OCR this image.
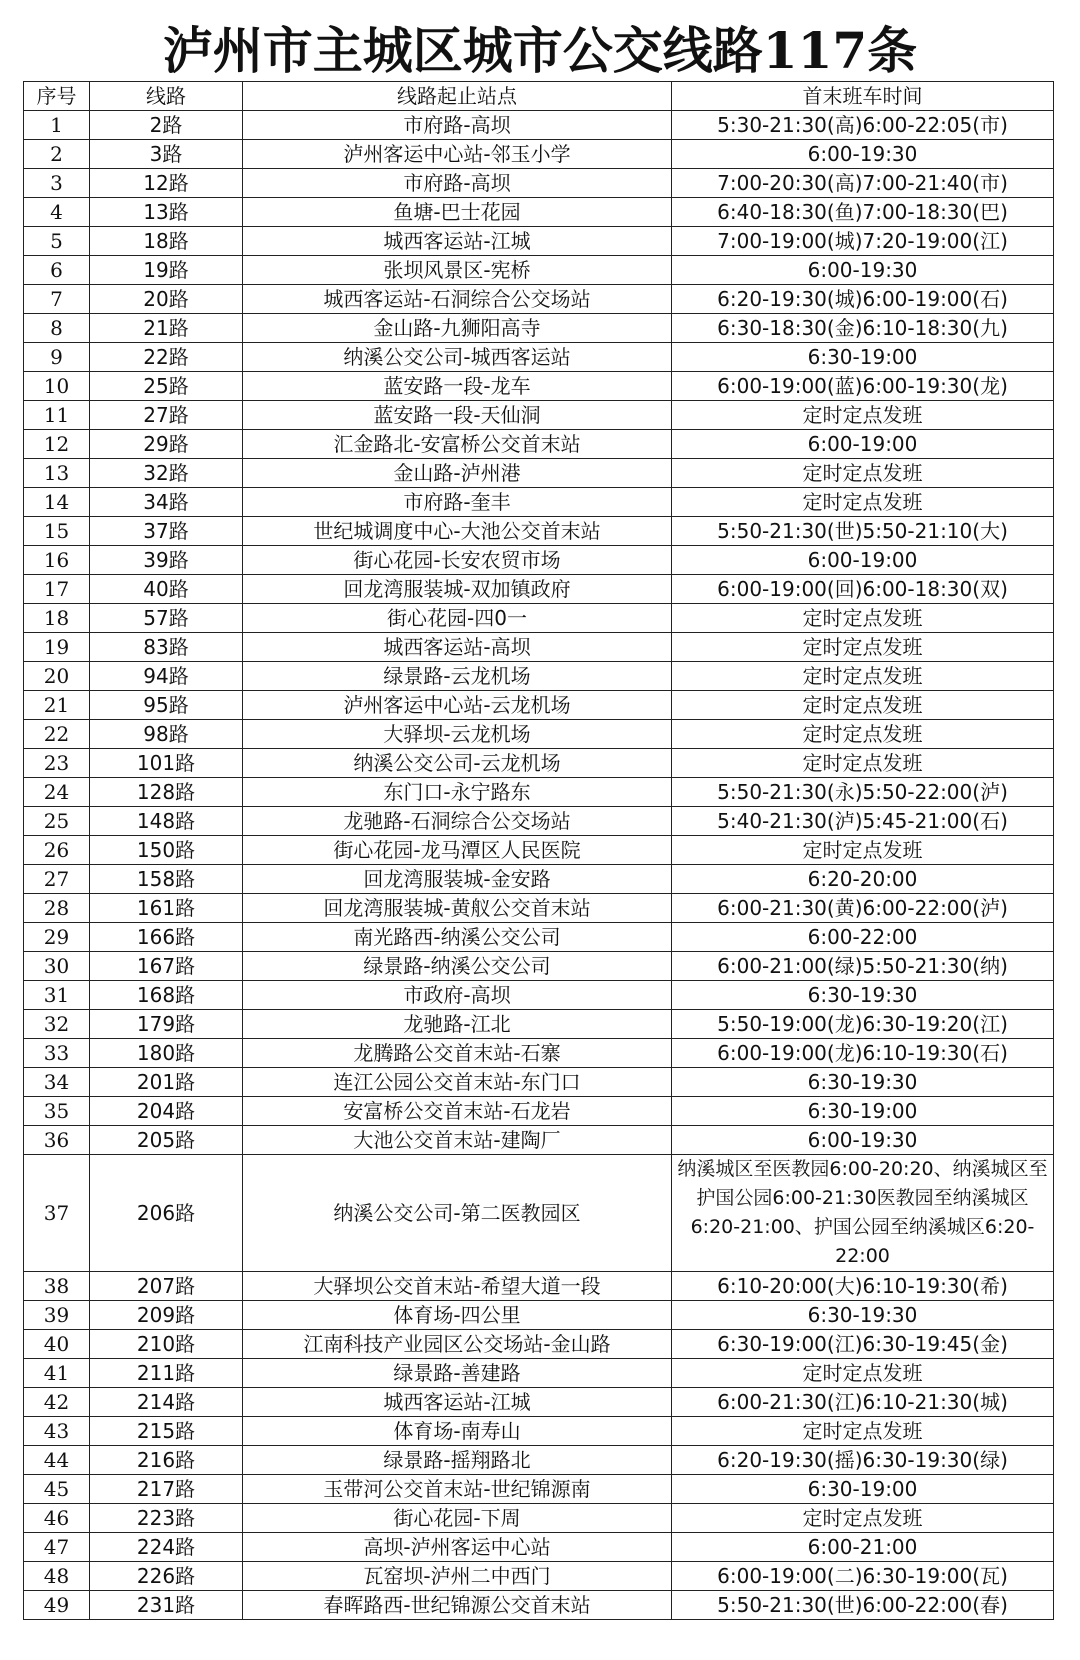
泸州市主城区城市公交线路117条
序号	线路	线路起止站点	首末班车时间
1	2路	市府路-高坝	5:30-21:30(高)6:00-22:05(市)
2	3路	泸州客运中心站-邻玉小学	6:00-19:30
3	12路	市府路-高坝	7:00-20:30(高)7:00-21:40(市)
4	13路	鱼塘-巴士花园	6:40-18:30(鱼)7:00-18:30(巴)
5	18路	城西客运站-江城	7:00-19:00(城)7:20-19:00(江)
6	19路	张坝风景区-宪桥	6:00-19:30
7	20路	城西客运站-石洞综合公交场站	6:20-19:30(城)6:00-19:00(石)
8	21路	金山路-九狮阳高寺	6:30-18:30(金)6:10-18:30(九)
9	22路	纳溪公交公司-城西客运站	6:30-19:00
10	25路	蓝安路一段-龙车	6:00-19:00(蓝)6:00-19:30(龙)
11	27路	蓝安路一段-天仙洞	定时定点发班
12	29路	汇金路北-安富桥公交首末站	6:00-19:00
13	32路	金山路-泸州港	定时定点发班
14	34路	市府路-奎丰	定时定点发班
15	37路	世纪城调度中心-大池公交首末站	5:50-21:30(世)5:50-21:10(大)
16	39路	街心花园-长安农贸市场	6:00-19:00
17	40路	回龙湾服装城-双加镇政府	6:00-19:00(回)6:00-18:30(双)
18	57路	街心花园-四0一	定时定点发班
19	83路	城西客运站-高坝	定时定点发班
20	94路	绿景路-云龙机场	定时定点发班
21	95路	泸州客运中心站-云龙机场	定时定点发班
22	98路	大驿坝-云龙机场	定时定点发班
23	101路	纳溪公交公司-云龙机场	定时定点发班
24	128路	东门口-永宁路东	5:50-21:30(永)5:50-22:00(泸)
25	148路	龙驰路-石洞综合公交场站	5:40-21:30(泸)5:45-21:00(石)
26	150路	街心花园-龙马潭区人民医院	定时定点发班
27	158路	回龙湾服装城-金安路	6:20-20:00
28	161路	回龙湾服装城-黄舣公交首末站	6:00-21:30(黄)6:00-22:00(泸)
29	166路	南光路西-纳溪公交公司	6:00-22:00
30	167路	绿景路-纳溪公交公司	6:00-21:00(绿)5:50-21:30(纳)
31	168路	市政府-高坝	6:30-19:30
32	179路	龙驰路-江北	5:50-19:00(龙)6:30-19:20(江)
33	180路	龙腾路公交首末站-石寨	6:00-19:00(龙)6:10-19:30(石)
34	201路	连江公园公交首末站-东门口	6:30-19:30
35	204路	安富桥公交首末站-石龙岩	6:30-19:00
36	205路	大池公交首末站-建陶厂	6:00-19:30
37	206路	纳溪公交公司-第二医教园区	纳溪城区至医教园6:00-20:20、纳溪城区至护国公园6:00-21:30医教园至纳溪城区6:20-21:00、护国公园至纳溪城区6:20-22:00
38	207路	大驿坝公交首末站-希望大道一段	6:10-20:00(大)6:10-19:30(希)
39	209路	体育场-四公里	6:30-19:30
40	210路	江南科技产业园区公交场站-金山路	6:30-19:00(江)6:30-19:45(金)
41	211路	绿景路-善建路	定时定点发班
42	214路	城西客运站-江城	6:00-21:30(江)6:10-21:30(城)
43	215路	体育场-南寿山	定时定点发班
44	216路	绿景路-摇翔路北	6:20-19:30(摇)6:30-19:30(绿)
45	217路	玉带河公交首末站-世纪锦源南	6:30-19:00
46	223路	街心花园-下周	定时定点发班
47	224路	高坝-泸州客运中心站	6:00-21:00
48	226路	瓦窑坝-泸州二中西门	6:00-19:00(二)6:30-19:00(瓦)
49	231路	春晖路西-世纪锦源公交首末站	5:50-21:30(世)6:00-22:00(春)
